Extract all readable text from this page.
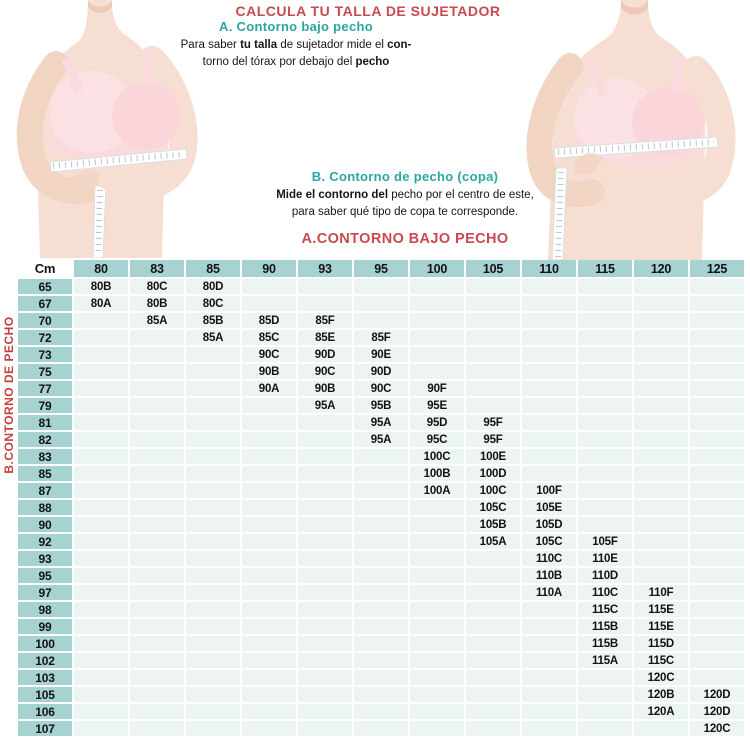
CALCULA TU TALLA DE SUJETADOR
A. Contorno bajo pecho
Para saber tu talla de sujetador mide el con-
torno del tórax por debajo del pecho
B. Contorno de pecho (copa)
Mide el contorno del pecho por el centro de este,
para saber qué tipo de copa te corresponde.
A.CONTORNO BAJO PECHO
B.CONTORNO DE PECHO
Cm	80	83	85	90	93	95	100	105	110	115	120	125
65	80B	80C	80D									
67	80A	80B	80C									
70		85A	85B	85D	85F							
72			85A	85C	85E	85F						
73				90C	90D	90E						
75				90B	90C	90D						
77				90A	90B	90C	90F					
79					95A	95B	95E					
81						95A	95D	95F				
82						95A	95C	95F				
83							100C	100E				
85							100B	100D				
87							100A	100C	100F			
88								105C	105E			
90								105B	105D			
92								105A	105C	105F		
93									110C	110E		
95									110B	110D		
97									110A	110C	110F	
98										115C	115E	
99										115B	115E	
100										115B	115D	
102										115A	115C	
103											120C	
105											120B	120D
106											120A	120D
107												120C
